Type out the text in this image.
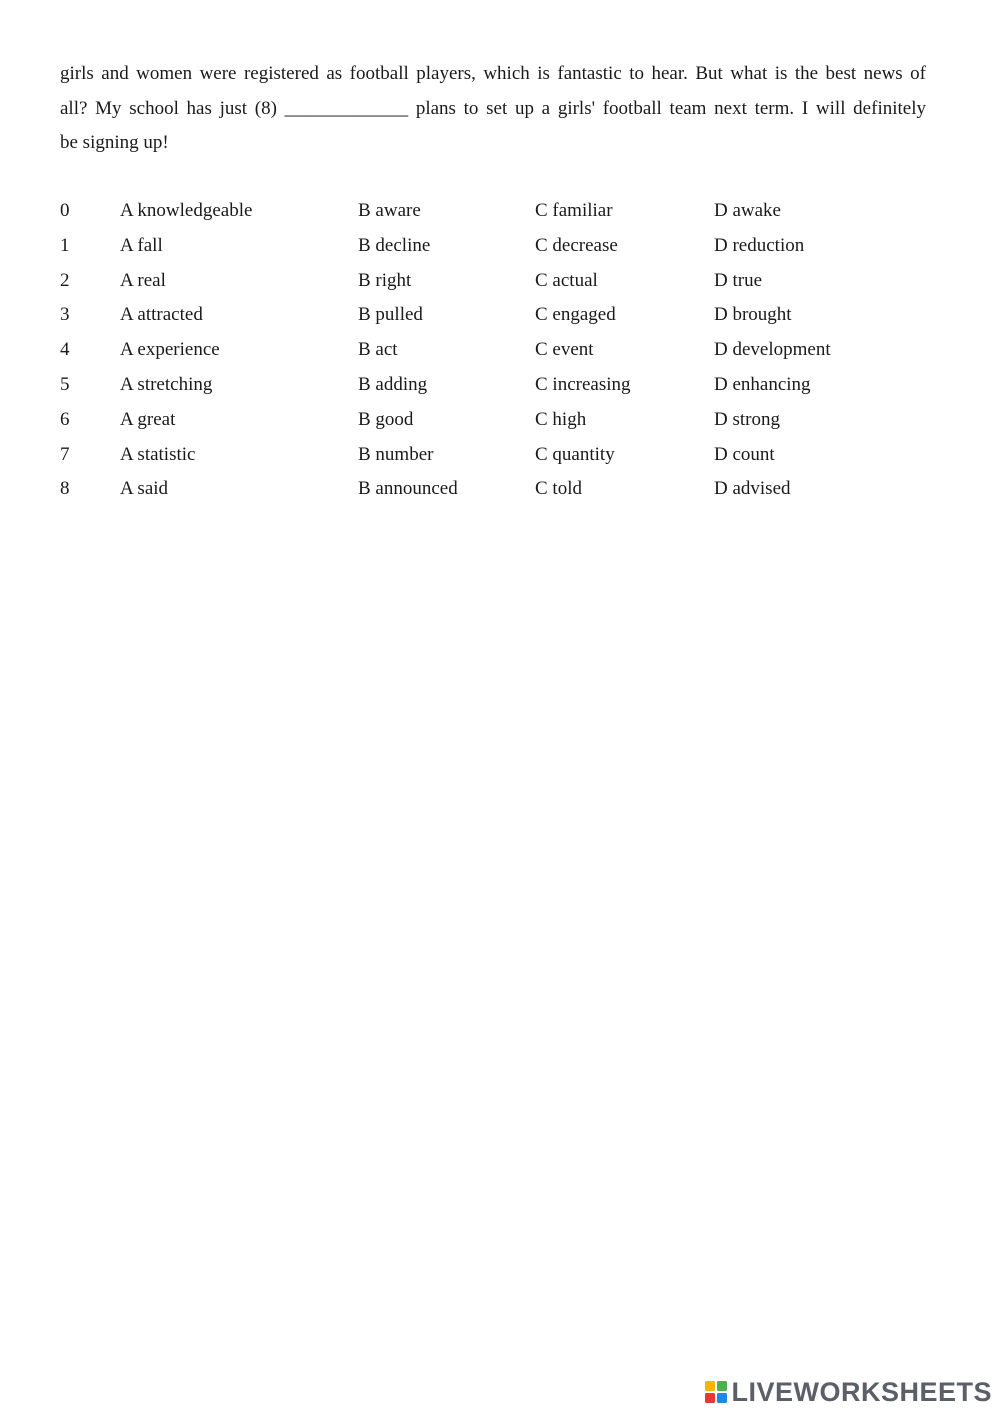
girls and women were registered as football players, which is fantastic to hear. But what is the best news of
all? My school has just (8) _____________ plans to set up a girls' football team next term. I will definitely
be signing up!
0	A knowledgeable	B aware	C familiar	D awake
1	A fall	B decline	C decrease	D reduction
2	A real	B right	C actual	D true
3	A attracted	B pulled	C engaged	D brought
4	A experience	B act	C event	D development
5	A stretching	B adding	C increasing	D enhancing
6	A great	B good	C high	D strong
7	A statistic	B number	C quantity	D count
8	A said	B announced	C told	D advised
LIVEWORKSHEETS
